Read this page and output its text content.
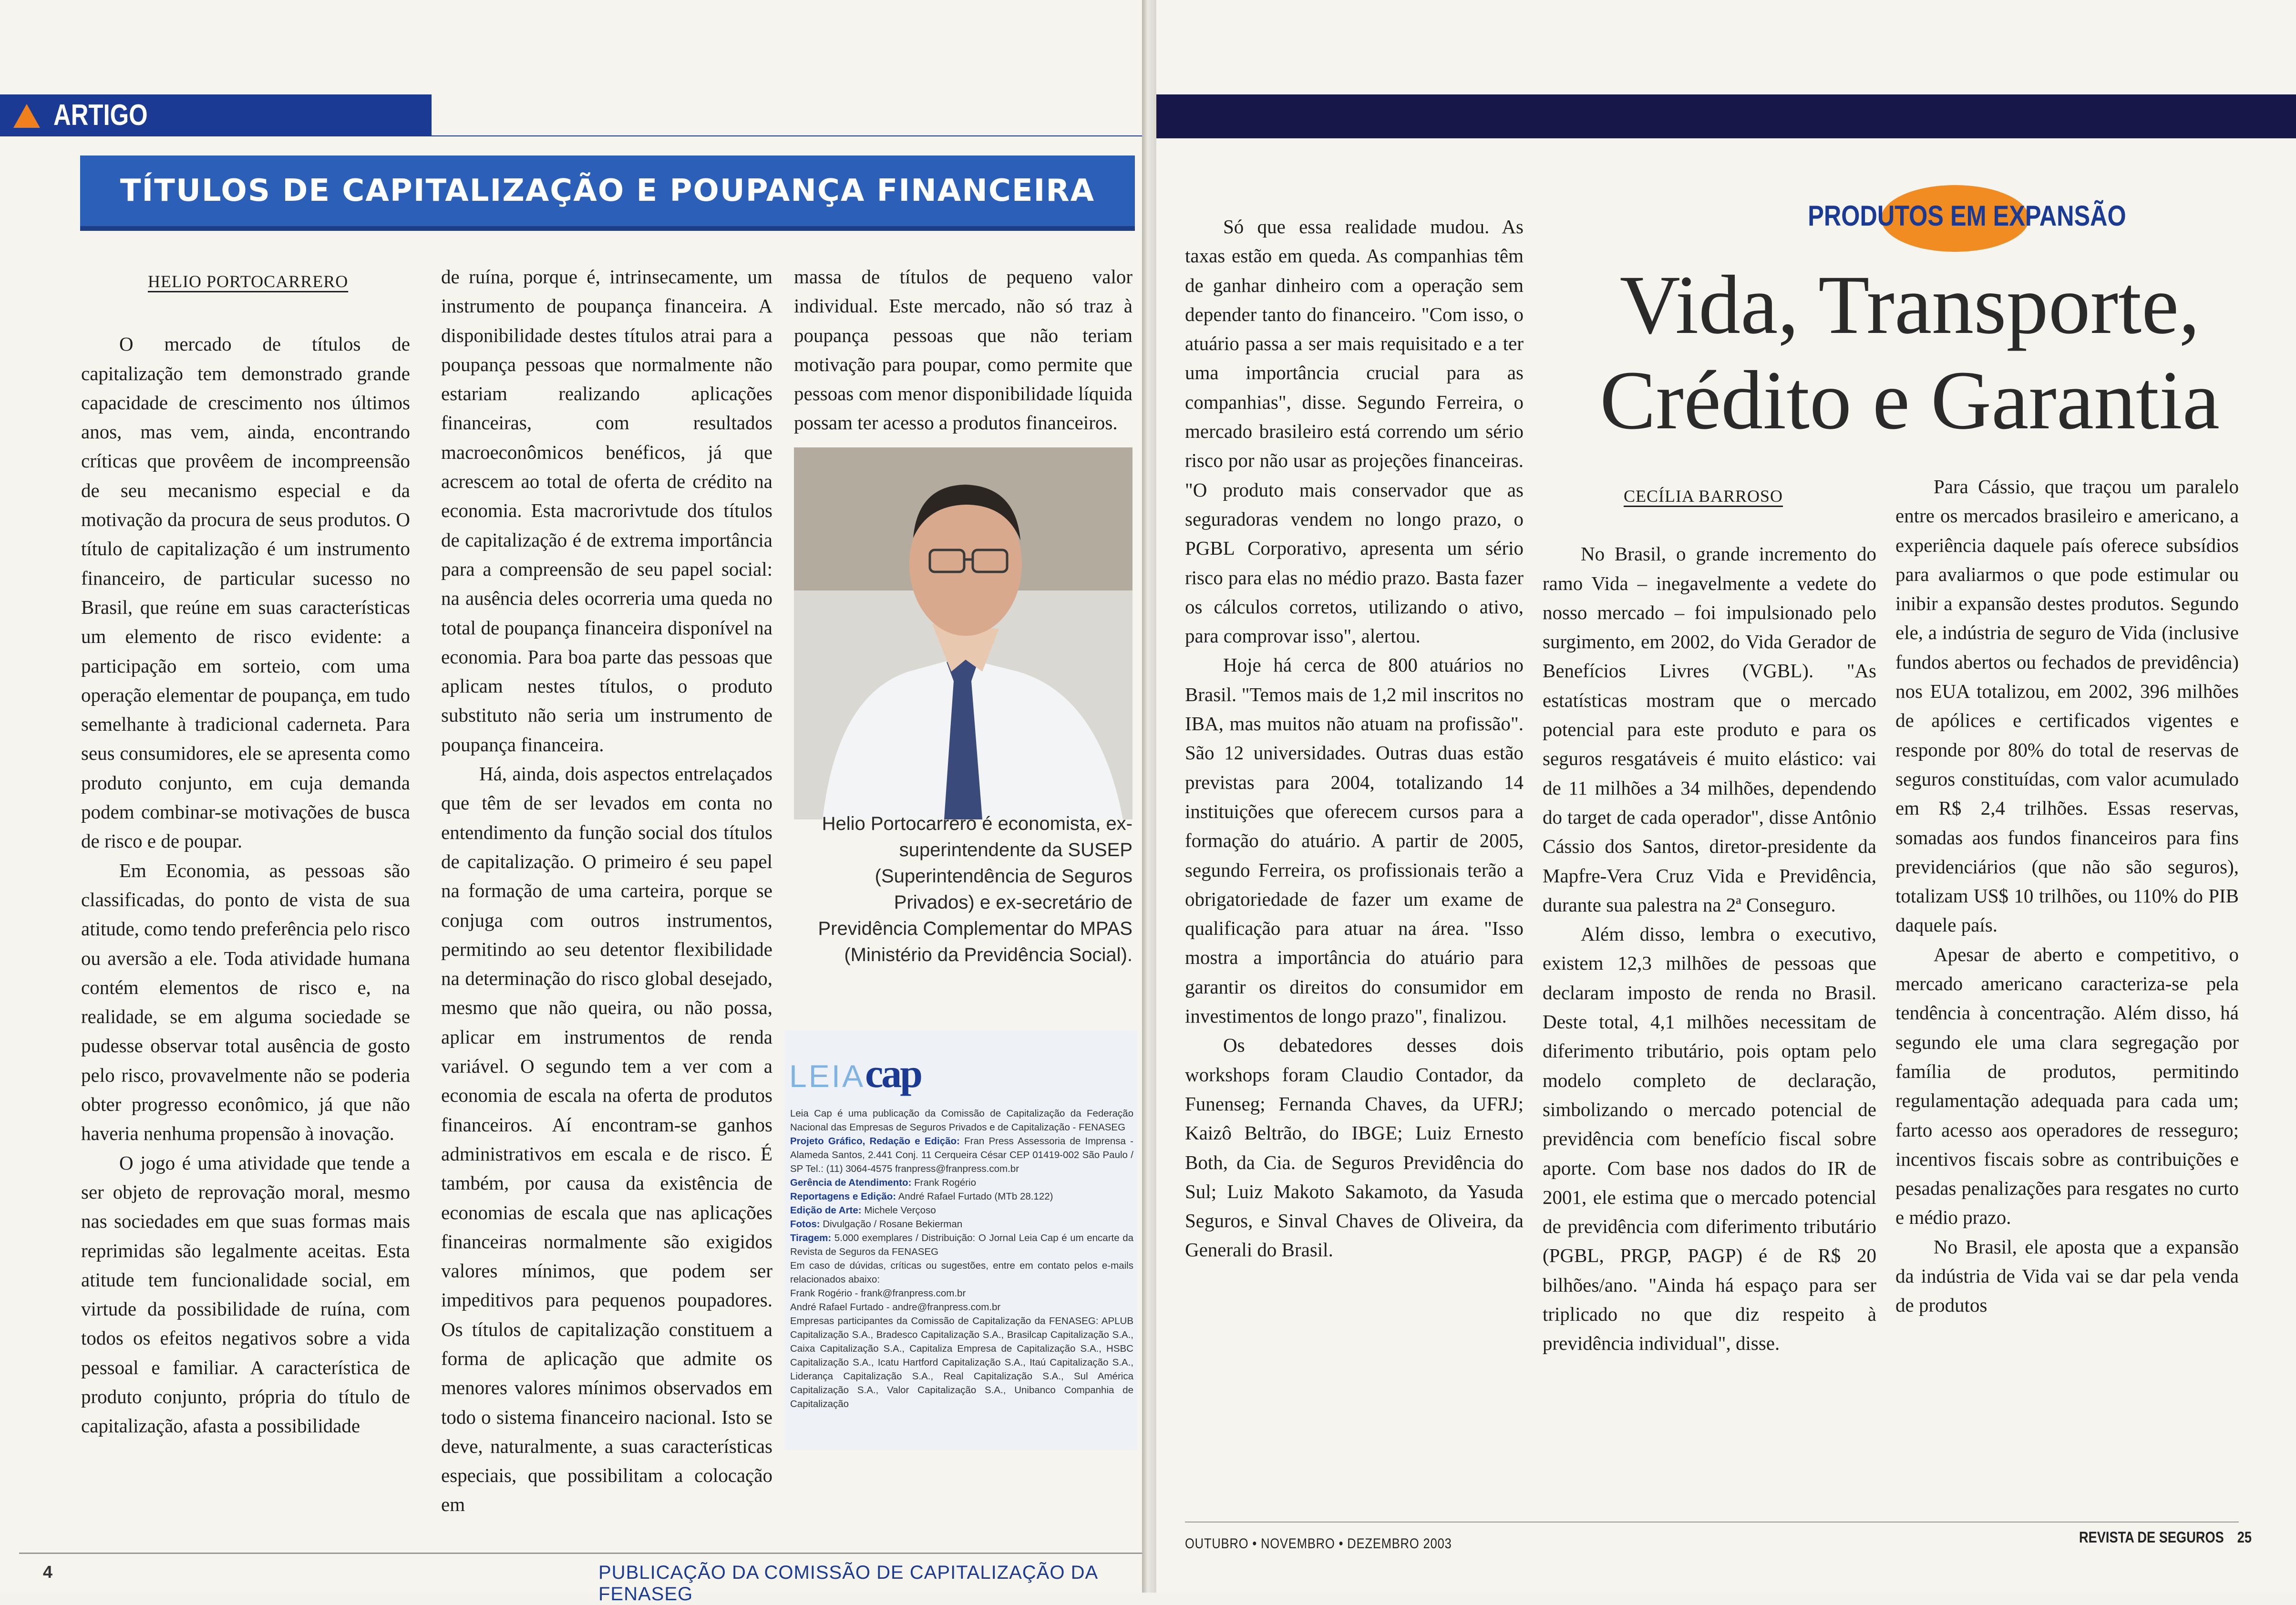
ARTIGO
TÍTULOS DE CAPITALIZAÇÃO E POUPANÇA FINANCEIRA
HELIO PORTOCARRERO

O mercado de títulos de capitalização tem demonstrado grande capacidade de crescimento nos últimos anos, mas vem, ainda, encontrando críticas que provêem de incompreensão de seu mecanismo especial e da motivação da procura de seus produtos. O título de capitalização é um instrumento financeiro, de particular sucesso no Brasil, que reúne em suas características um elemento de risco evidente: a participação em sorteio, com uma operação elementar de poupança, em tudo semelhante à tradicional caderneta. Para seus consumidores, ele se apresenta como produto conjunto, em cuja demanda podem combinar-se motivações de busca de risco e de poupar.

Em Economia, as pessoas são classificadas, do ponto de vista de sua atitude, como tendo preferência pelo risco ou aversão a ele. Toda atividade humana contém elementos de risco e, na realidade, se em alguma sociedade se pudesse observar total ausência de gosto pelo risco, provavelmente não se poderia obter progresso econômico, já que não haveria nenhuma propensão à inovação.

O jogo é uma atividade que tende a ser objeto de reprovação moral, mesmo nas sociedades em que suas formas mais reprimidas são legalmente aceitas. Esta atitude tem funcionalidade social, em virtude da possibilidade de ruína, com todos os efeitos negativos sobre a vida pessoal e familiar. A característica de produto conjunto, própria do título de capitalização, afasta a possibilidade

de ruína, porque é, intrinsecamente, um instrumento de poupança financeira. A disponibilidade destes títulos atrai para a poupança pessoas que normalmente não estariam realizando aplicações financeiras, com resultados macroeconômicos benéficos, já que acrescem ao total de oferta de crédito na economia. Esta macrorivtude dos títulos de capitalização é de extrema importância para a compreensão de seu papel social: na ausência deles ocorreria uma queda no total de poupança financeira disponível na economia. Para boa parte das pessoas que aplicam nestes títulos, o produto substituto não seria um instrumento de poupança financeira.

Há, ainda, dois aspectos entrelaçados que têm de ser levados em conta no entendimento da função social dos títulos de capitalização. O primeiro é seu papel na formação de uma carteira, porque se conjuga com outros instrumentos, permitindo ao seu detentor flexibilidade na determinação do risco global desejado, mesmo que não queira, ou não possa, aplicar em instrumentos de renda variável. O segundo tem a ver com a economia de escala na oferta de produtos financeiros. Aí encontram-se ganhos administrativos em escala e de risco. É também, por causa da existência de economias de escala que nas aplicações financeiras normalmente são exigidos valores mínimos, que podem ser impeditivos para pequenos poupadores. Os títulos de capitalização constituem a forma de aplicação que admite os menores valores mínimos observados em todo o sistema financeiro nacional. Isto se deve, naturalmente, a suas características especiais, que possibilitam a colocação em

massa de títulos de pequeno valor individual. Este mercado, não só traz à poupança pessoas que não teriam motivação para poupar, como permite que pessoas com menor disponibilidade líquida possam ter acesso a produtos financeiros.

Helio Portocarrero é economista, ex-superintendente da SUSEP (Superintendência de Seguros Privados) e ex-secretário de Previdência Complementar do MPAS (Ministério da Previdência Social).
LEIAcap
Leia Cap é uma publicação da Comissão de Capitalização da Federação Nacional das Empresas de Seguros Privados e de Capitalização - FENASEG
Projeto Gráfico, Redação e Edição: Fran Press Assessoria de Imprensa - Alameda Santos, 2.441 Conj. 11 Cerqueira César CEP 01419-002 São Paulo / SP Tel.: (11) 3064-4575 franpress@franpress.com.br
Gerência de Atendimento: Frank Rogério
Reportagens e Edição: André Rafael Furtado (MTb 28.122)
Edição de Arte: Michele Verçoso
Fotos: Divulgação / Rosane Bekierman
Tiragem: 5.000 exemplares / Distribuição: O Jornal Leia Cap é um encarte da Revista de Seguros da FENASEG
Em caso de dúvidas, críticas ou sugestões, entre em contato pelos e-mails relacionados abaixo:
Frank Rogério - frank@franpress.com.br
André Rafael Furtado - andre@franpress.com.br
Empresas participantes da Comissão de Capitalização da FENASEG: APLUB Capitalização S.A., Bradesco Capitalização S.A., Brasilcap Capitalização S.A., Caixa Capitalização S.A., Capitaliza Empresa de Capitalização S.A., HSBC Capitalização S.A., Icatu Hartford Capitalização S.A., Itaú Capitalização S.A., Liderança Capitalização S.A., Real Capitalização S.A., Sul América Capitalização S.A., Valor Capitalização S.A., Unibanco Companhia de Capitalização
4	PUBLICAÇÃO DA COMISSÃO DE CAPITALIZAÇÃO DA FENASEG
PRODUTOS EM EXPANSÃO
Vida, Transporte,
Crédito e Garantia

Só que essa realidade mudou. As taxas estão em queda. As companhias têm de ganhar dinheiro com a operação sem depender tanto do financeiro. "Com isso, o atuário passa a ser mais requisitado e a ter uma importância crucial para as companhias", disse. Segundo Ferreira, o mercado brasileiro está correndo um sério risco por não usar as projeções financeiras. "O produto mais conservador que as seguradoras vendem no longo prazo, o PGBL Corporativo, apresenta um sério risco para elas no médio prazo. Basta fazer os cálculos corretos, utilizando o ativo, para comprovar isso", alertou.

Hoje há cerca de 800 atuários no Brasil. "Temos mais de 1,2 mil inscritos no IBA, mas muitos não atuam na profissão". São 12 universidades. Outras duas estão previstas para 2004, totalizando 14 instituições que oferecem cursos para a formação do atuário. A partir de 2005, segundo Ferreira, os profissionais terão a obrigatoriedade de fazer um exame de qualificação para atuar na área. "Isso mostra a importância do atuário para garantir os direitos do consumidor em investimentos de longo prazo", finalizou.

Os debatedores desses dois workshops foram Claudio Contador, da Funenseg; Fernanda Chaves, da UFRJ; Kaizô Beltrão, do IBGE; Luiz Ernesto Both, da Cia. de Seguros Previdência do Sul; Luiz Makoto Sakamoto, da Yasuda Seguros, e Sinval Chaves de Oliveira, da Generali do Brasil.

CECÍLIA BARROSO

No Brasil, o grande incremento do ramo Vida – inegavelmente a vedete do nosso mercado – foi impulsionado pelo surgimento, em 2002, do Vida Gerador de Benefícios Livres (VGBL). "As estatísticas mostram que o mercado potencial para este produto e para os seguros resgatáveis é muito elástico: vai de 11 milhões a 34 milhões, dependendo do target de cada operador", disse Antônio Cássio dos Santos, diretor-presidente da Mapfre-Vera Cruz Vida e Previdência, durante sua palestra na 2ª Conseguro.

Além disso, lembra o executivo, existem 12,3 milhões de pessoas que declaram imposto de renda no Brasil. Deste total, 4,1 milhões necessitam de diferimento tributário, pois optam pelo modelo completo de declaração, simbolizando o mercado potencial de previdência com benefício fiscal sobre aporte. Com base nos dados do IR de 2001, ele estima que o mercado potencial de previdência com diferimento tributário (PGBL, PRGP, PAGP) é de R$ 20 bilhões/ano. "Ainda há espaço para ser triplicado no que diz respeito à previdência individual", disse.

Para Cássio, que traçou um paralelo entre os mercados brasileiro e americano, a experiência daquele país oferece subsídios para avaliarmos o que pode estimular ou inibir a expansão destes produtos. Segundo ele, a indústria de seguro de Vida (inclusive fundos abertos ou fechados de previdência) nos EUA totalizou, em 2002, 396 milhões de apólices e certificados vigentes e responde por 80% do total de reservas de seguros constituídas, com valor acumulado em R$ 2,4 trilhões. Essas reservas, somadas aos fundos financeiros para fins previdenciários (que não são seguros), totalizam US$ 10 trilhões, ou 110% do PIB daquele país.

Apesar de aberto e competitivo, o mercado americano caracteriza-se pela tendência à concentração. Além disso, há segundo ele uma clara segregação por família de produtos, permitindo regulamentação adequada para cada um; farto acesso aos operadores de resseguro; incentivos fiscais sobre as contribuições e pesadas penalizações para resgates no curto e médio prazo.

No Brasil, ele aposta que a expansão da indústria de Vida vai se dar pela venda de produtos

OUTUBRO • NOVEMBRO • DEZEMBRO 2003	REVISTA DE SEGUROS 25
